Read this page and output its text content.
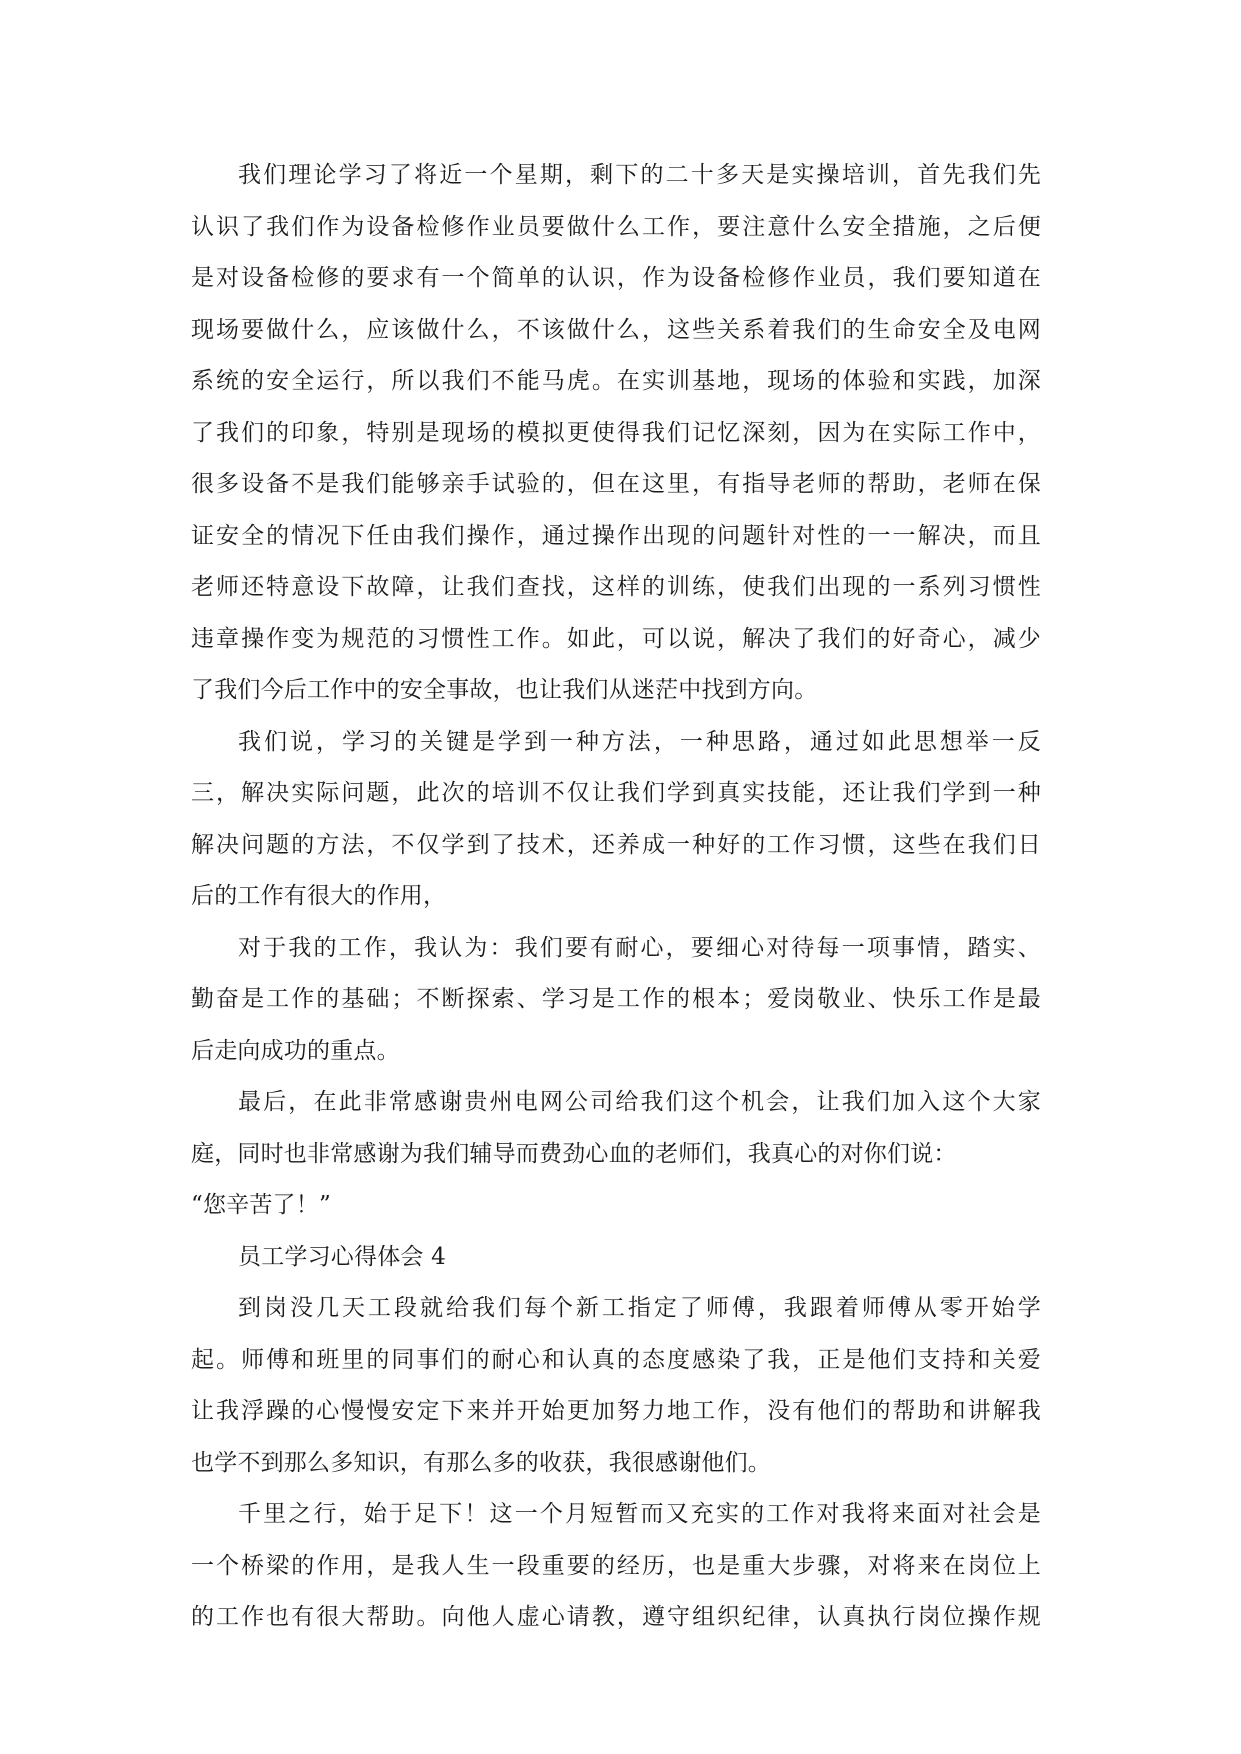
我们理论学习了将近一个星期，剩下的二十多天是实操培训，首先我们先
认识了我们作为设备检修作业员要做什么工作，要注意什么安全措施，之后便
是对设备检修的要求有一个简单的认识，作为设备检修作业员，我们要知道在
现场要做什么，应该做什么，不该做什么，这些关系着我们的生命安全及电网
系统的安全运行，所以我们不能马虎。在实训基地，现场的体验和实践，加深
了我们的印象，特别是现场的模拟更使得我们记忆深刻，因为在实际工作中，
很多设备不是我们能够亲手试验的，但在这里，有指导老师的帮助，老师在保
证安全的情况下任由我们操作，通过操作出现的问题针对性的一一解决，而且
老师还特意设下故障，让我们查找，这样的训练，使我们出现的一系列习惯性
违章操作变为规范的习惯性工作。如此，可以说，解决了我们的好奇心，减少
了我们今后工作中的安全事故，也让我们从迷茫中找到方向。
我们说，学习的关键是学到一种方法，一种思路，通过如此思想举一反
三，解决实际问题，此次的培训不仅让我们学到真实技能，还让我们学到一种
解决问题的方法，不仅学到了技术，还养成一种好的工作习惯，这些在我们日
后的工作有很大的作用，
对于我的工作，我认为：我们要有耐心，要细心对待每一项事情，踏实、
勤奋是工作的基础；不断探索、学习是工作的根本；爱岗敬业、快乐工作是最
后走向成功的重点。
最后，在此非常感谢贵州电网公司给我们这个机会，让我们加入这个大家
庭，同时也非常感谢为我们辅导而费劲心血的老师们，我真心的对你们说：
“您辛苦了！”
员工学习心得体会 4
到岗没几天工段就给我们每个新工指定了师傅，我跟着师傅从零开始学
起。师傅和班里的同事们的耐心和认真的态度感染了我，正是他们支持和关爱
让我浮躁的心慢慢安定下来并开始更加努力地工作，没有他们的帮助和讲解我
也学不到那么多知识，有那么多的收获，我很感谢他们。
千里之行，始于足下！这一个月短暂而又充实的工作对我将来面对社会是
一个桥梁的作用，是我人生一段重要的经历，也是重大步骤，对将来在岗位上
的工作也有很大帮助。向他人虚心请教，遵守组织纪律，认真执行岗位操作规
